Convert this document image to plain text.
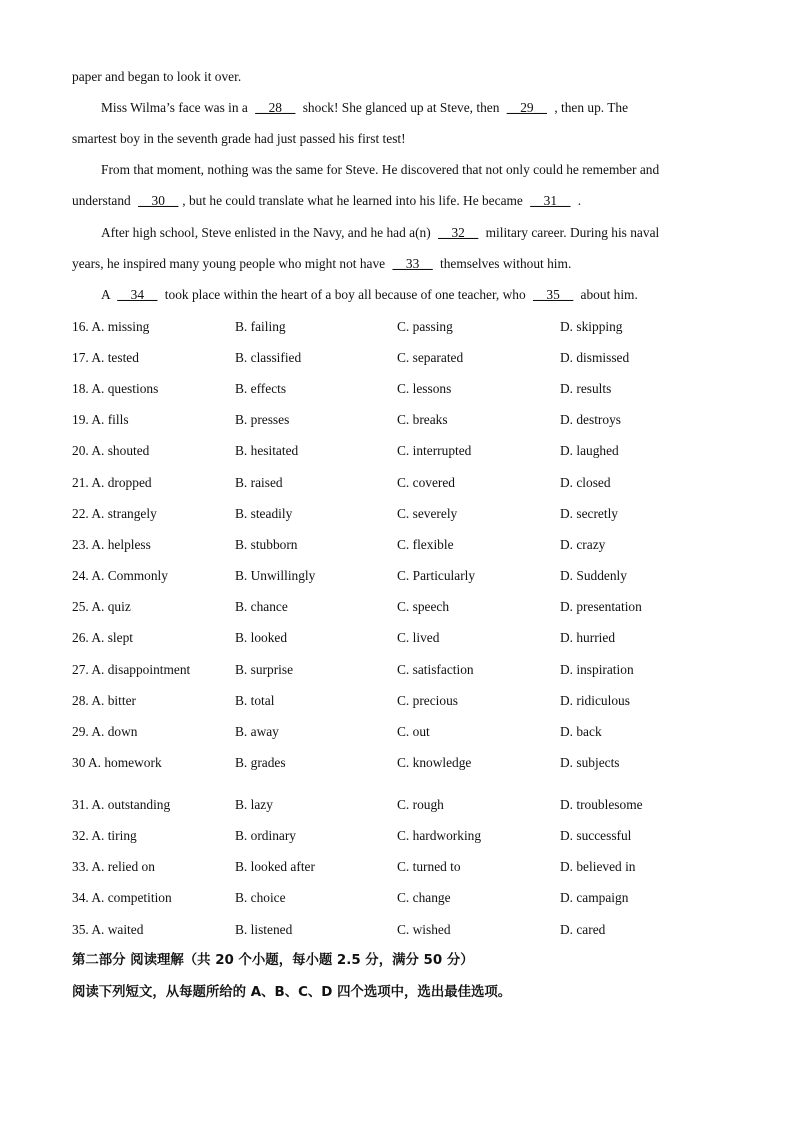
paper and began to look it over.
Miss Wilma’s face was in a __28__ shock! She glanced up at Steve, then __29__ , then up. The
smartest boy in the seventh grade had just passed his first test!
From that moment, nothing was the same for Steve. He discovered that not only could he remember and
understand __30__ , but he could translate what he learned into his life. He became __31__ .
After high school, Steve enlisted in the Navy, and he had a(n) __32__ military career. During his naval
years, he inspired many young people who might not have __33__ themselves without him.
A __34__ took place within the heart of a boy all because of one teacher, who __35__ about him.
16. A. missing	B. failing	C. passing	D. skipping
17. A. tested	B. classified	C. separated	D. dismissed
18. A. questions	B. effects	C. lessons	D. results
19. A. fills	B. presses	C. breaks	D. destroys
20. A. shouted	B. hesitated	C. interrupted	D. laughed
21. A. dropped	B. raised	C. covered	D. closed
22. A. strangely	B. steadily	C. severely	D. secretly
23. A. helpless	B. stubborn	C. flexible	D. crazy
24. A. Commonly	B. Unwillingly	C. Particularly	D. Suddenly
25. A. quiz	B. chance	C. speech	D. presentation
26. A. slept	B. looked	C. lived	D. hurried
27. A. disappointment	B. surprise	C. satisfaction	D. inspiration
28. A. bitter	B. total	C. precious	D. ridiculous
29. A. down	B. away	C. out	D. back
30 A. homework	B. grades	C. knowledge	D. subjects
31. A. outstanding	B. lazy	C. rough	D. troublesome
32. A. tiring	B. ordinary	C. hardworking	D. successful
33. A. relied on	B. looked after	C. turned to	D. believed in
34. A. competition	B. choice	C. change	D. campaign
35. A. waited	B. listened	C. wished	D. cared
第二部分 阅读理解（共 20 个小题，每小题 2.5 分，满分 50 分）
阅读下列短文，从每题所给的 A、B、C、D 四个选项中，选出最佳选项。
